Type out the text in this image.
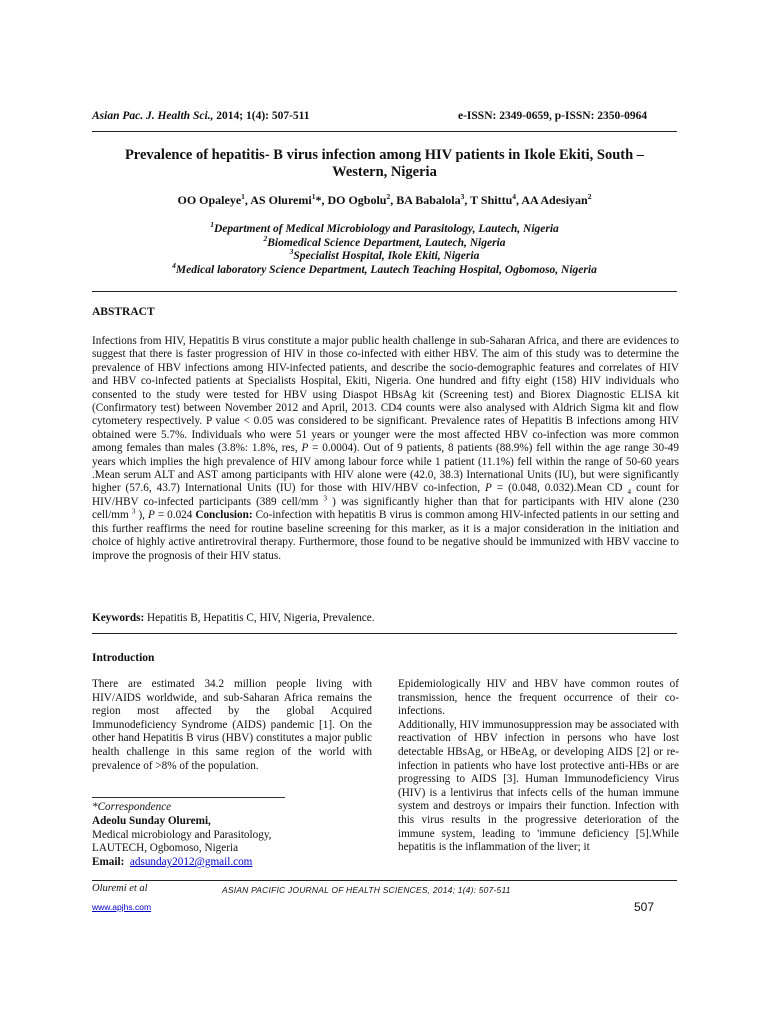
Asian Pac. J. Health Sci., 2014; 1(4): 507-511	e-ISSN: 2349-0659, p-ISSN: 2350-0964
Prevalence of hepatitis- B virus infection among HIV patients in Ikole Ekiti, South –
Western, Nigeria
OO Opaleye$^1$, AS Oluremi$^1$*, DO Ogbolu$^2$, BA Babalola$^3$, T Shittu$^4$, AA Adesiyan$^2$
$^1$Department of Medical Microbiology and Parasitology, Lautech, Nigeria
$^2$Biomedical Science Department, Lautech, Nigeria
$^3$Specialist Hospital, Ikole Ekiti, Nigeria
$^4$Medical laboratory Science Department, Lautech Teaching Hospital, Ogbomoso, Nigeria
ABSTRACT
Infections from HIV, Hepatitis B virus constitute a major public health challenge in sub-Saharan Africa, and there are evidences to suggest that there is faster progression of HIV in those co-infected with either HBV. The aim of this study was to determine the prevalence of HBV infections among HIV-infected patients, and describe the socio-demographic features and correlates of HIV and HBV co-infected patients at Specialists Hospital, Ekiti, Nigeria. One hundred and fifty eight (158) HIV individuals who consented to the study were tested for HBV using Diaspot HBsAg kit (Screening test) and Biorex Diagnostic ELISA kit (Confirmatory test) between November 2012 and April, 2013. CD4 counts were also analysed with Aldrich Sigma kit and flow cytometery respectively. P value < 0.05 was considered to be significant. Prevalence rates of Hepatitis B infections among HIV obtained were 5.7%. Individuals who were 51 years or younger were the most affected HBV co-infection was more common among females than males (3.8%: 1.8%, res, P = 0.0004). Out of 9 patients, 8 patients (88.9%) fell within the age range 30-49 years which implies the high prevalence of HIV among labour force while 1 patient (11.1%) fell within the range of 50-60 years .Mean serum ALT and AST among participants with HIV alone were (42.0, 38.3) International Units (IU), but were significantly higher (57.6, 43.7) International Units (IU) for those with HIV/HBV co-infection, P = (0.048, 0.032).Mean CD $_4$ count for HIV/HBV co-infected participants (389 cell/mm $^3$ ) was significantly higher than that for participants with HIV alone (230 cell/mm $^3$ ), P = 0.024 Conclusion: Co-infection with hepatitis B virus is common among HIV-infected patients in our setting and this further reaffirms the need for routine baseline screening for this marker, as it is a major consideration in the initiation and choice of highly active antiretroviral therapy. Furthermore, those found to be negative should be immunized with HBV vaccine to improve the prognosis of their HIV status.
Keywords: Hepatitis B, Hepatitis C, HIV, Nigeria, Prevalence.
Introduction

There are estimated 34.2 million people living with HIV/AIDS worldwide, and sub-Saharan Africa remains the region most affected by the global Acquired Immunodeficiency Syndrome (AIDS) pandemic [1]. On the other hand Hepatitis B virus (HBV) constitutes a major public health challenge in this same region of the world with prevalence of >8% of the population.

Epidemiologically HIV and HBV have common routes of transmission, hence the frequent occurrence of their co-infections.

Additionally, HIV immunosuppression may be associated with reactivation of HBV infection in persons who have lost detectable HBsAg, or HBeAg, or developing AIDS [2] or re-infection in patients who have lost protective anti-HBs or are progressing to AIDS [3]. Human Immunodeficiency Virus (HIV) is a lentivirus that infects cells of the human immune system and destroys or impairs their function. Infection with this virus results in the progressive deterioration of the immune system, leading to 'immune deficiency [5].While hepatitis is the inflammation of the liver; it

*Correspondence
Adeolu Sunday Oluremi,
Medical microbiology and Parasitology,
LAUTECH, Ogbomoso, Nigeria
Email: adsunday2012@gmail.com
Oluremi et al	ASIAN PACIFIC JOURNAL OF HEALTH SCIENCES, 2014; 1(4): 507-511
www.apjhs.com	507
